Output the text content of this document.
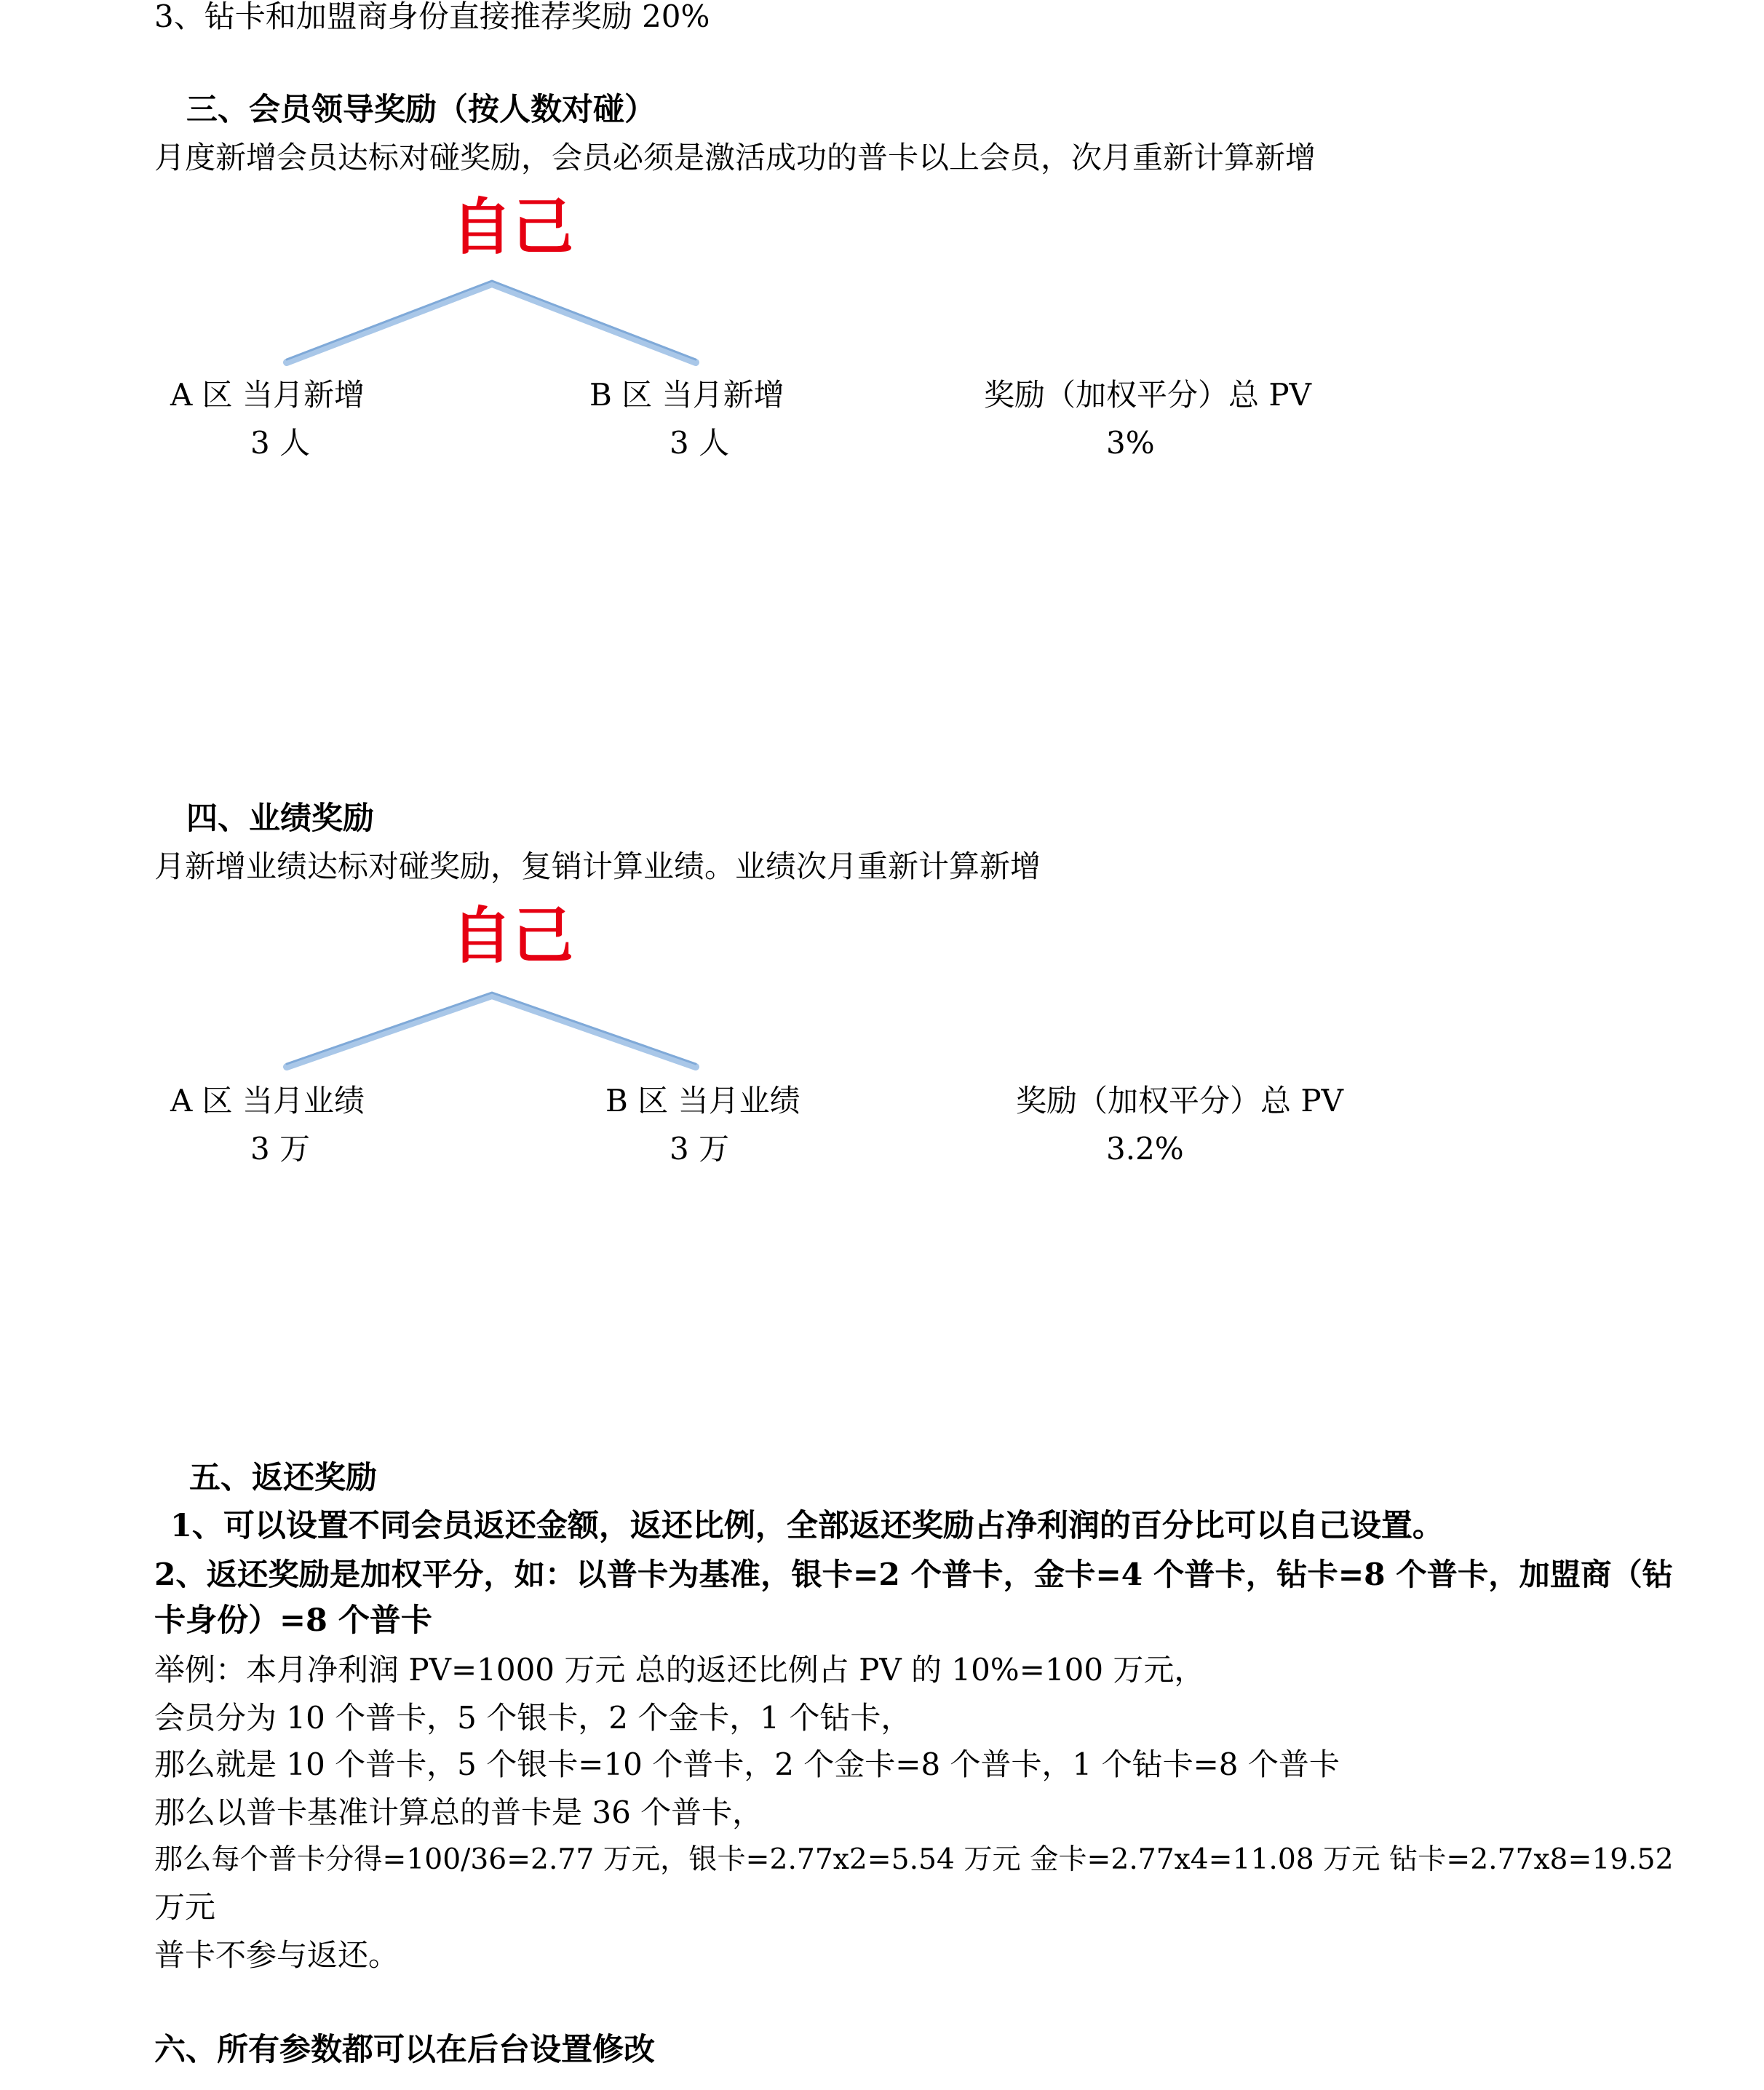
3、钻卡和加盟商身份直接推荐奖励 20%
三、会员领导奖励（按人数对碰）
月度新增会员达标对碰奖励，会员必须是激活成功的普卡以上会员，次月重新计算新增
自己
A 区 当月新增
3 人
B 区 当月新增
3 人
奖励（加权平分）总 PV
3%
四、业绩奖励
月新增业绩达标对碰奖励，复销计算业绩。业绩次月重新计算新增
自己
A 区 当月业绩
3 万
B 区 当月业绩
3 万
奖励（加权平分）总 PV
3.2%
五、返还奖励
1、可以设置不同会员返还金额，返还比例，全部返还奖励占净利润的百分比可以自己设置。
2、返还奖励是加权平分，如：以普卡为基准，银卡=2 个普卡，金卡=4 个普卡，钻卡=8 个普卡，加盟商（钻
卡身份）=8 个普卡
举例：本月净利润 PV=1000 万元 总的返还比例占 PV 的 10%=100 万元，
会员分为 10 个普卡，5 个银卡，2 个金卡，1 个钻卡，
那么就是 10 个普卡，5 个银卡=10 个普卡，2 个金卡=8 个普卡，1 个钻卡=8 个普卡
那么以普卡基准计算总的普卡是 36 个普卡，
那么每个普卡分得=100/36=2.77 万元，银卡=2.77x2=5.54 万元 金卡=2.77x4=11.08 万元 钻卡=2.77x8=19.52
万元
普卡不参与返还。
六、所有参数都可以在后台设置修改
